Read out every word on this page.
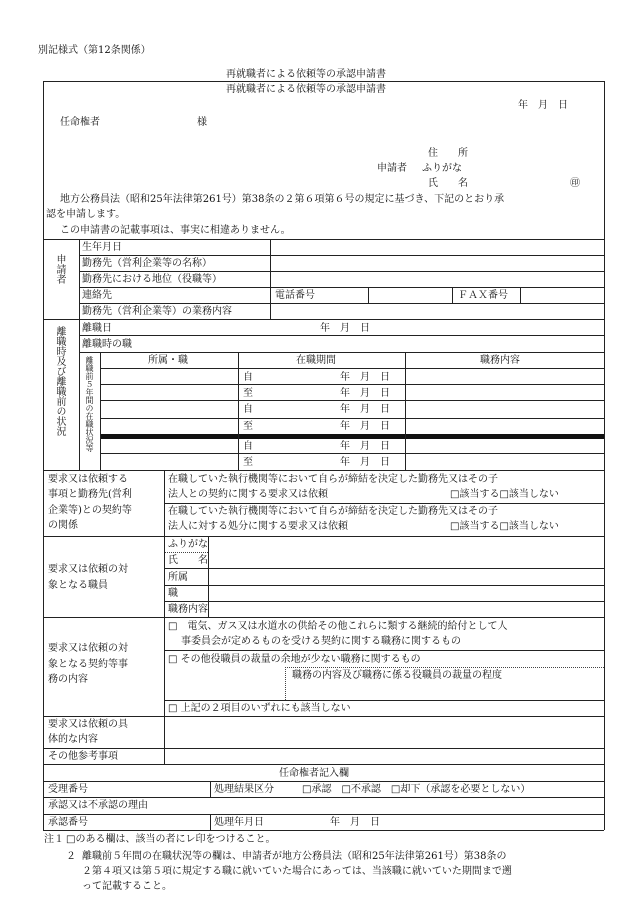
別記様式（第12条関係）
再就職者による依頼等の承認申請書
再就職者による依頼等の承認申請書
年　月　日
任命権者	様
住　　所
申請者 ふりがな
氏　　名	㊞
地方公務員法（昭和25年法律第261号）第38条の２第６項第６号の規定に基づき、下記のとおり承
認を申請します。
この申請書の記載事項は、事実に相違ありません。
申請者
生年月日
勤務先（営利企業等の名称）
勤務先における地位（役職等）
連絡先	電話番号	ＦＡＸ番号
勤務先（営利企業等）の業務内容
離職時及び離職前の状況 離職日	年　月　日
離職時の職
離職前５年間の在職状況等	所属・職	在職期間	職務内容
自	年　月　日
至	年　月　日
自	年　月　日
至	年　月　日
自	年　月　日
至	年　月　日
要求又は依頼する
事項と勤務先(営利
企業等)との契約等
の関係
在職していた執行機関等において自らが締結を決定した勤務先又はその子
法人との契約に関する要求又は依頼	□該当する□該当しない
在職していた執行機関等において自らが締結を決定した勤務先又はその子
法人に対する処分に関する要求又は依頼	□該当する□該当しない
要求又は依頼の対
象となる職員
ふりがな
氏　　名
所属
職
職務内容
要求又は依頼の対
象となる契約等事
務の内容
□　電気、ガス又は水道水の供給その他これらに類する継続的給付として人
事委員会が定めるものを受ける契約に関する職務に関するもの
□ その他役職員の裁量の余地が少ない職務に関するもの
職務の内容及び職務に係る役職員の裁量の程度
□ 上記の２項目のいずれにも該当しない
要求又は依頼の具
体的な内容
その他参考事項
任命権者記入欄
受理番号	処理結果区分	□承認　□不承認　□却下（承認を必要としない）
承認又は不承認の理由
承認番号	処理年月日	年　月　日
注１ □のある欄は、該当の者にレ印をつけること。
２ 離職前５年間の在職状況等の欄は、申請者が地方公務員法（昭和25年法律第261号）第38条の
２第４項又は第５項に規定する職に就いていた場合にあっては、当該職に就いていた期間まで遡
って記載すること。
